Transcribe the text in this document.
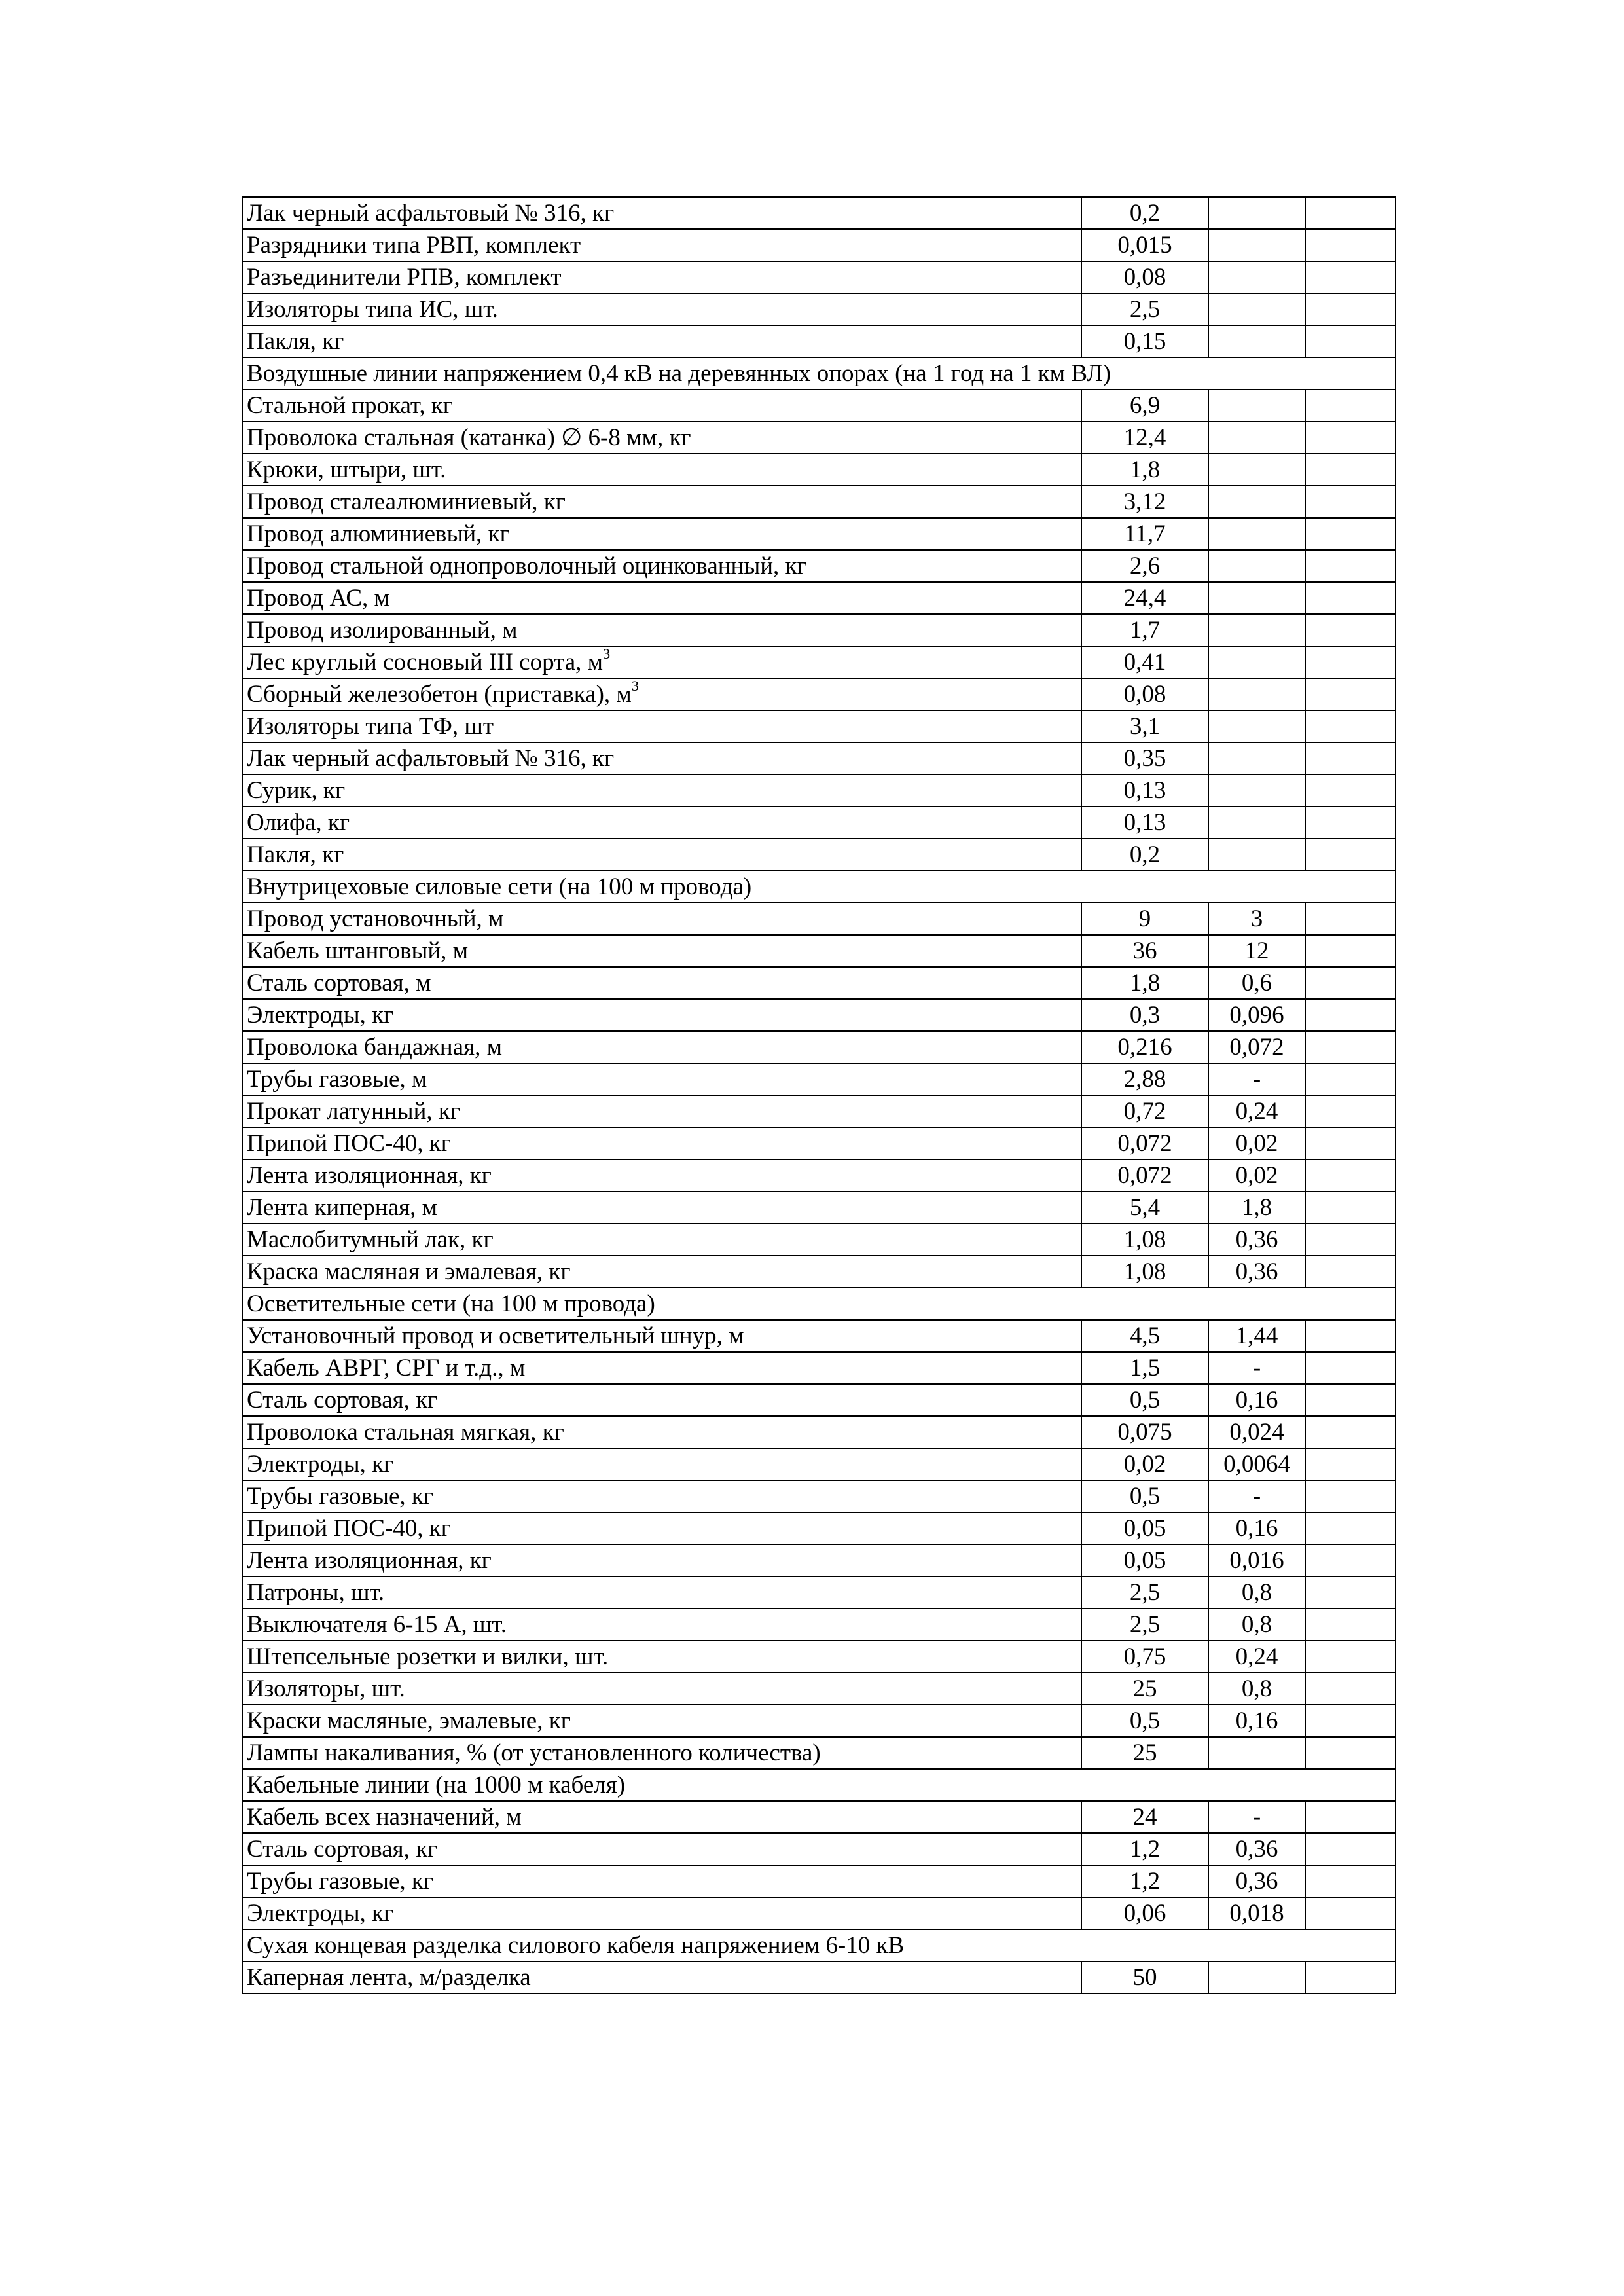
Лак черный асфальтовый № 316, кг	0,2		
Разрядники типа РВП, комплект	0,015		
Разъединители РПВ, комплект	0,08		
Изоляторы типа ИС, шт.	2,5		
Пакля, кг	0,15		
Воздушные линии напряжением 0,4 кВ на деревянных опорах (на 1 год на 1 км ВЛ)			
Стальной прокат, кг	6,9		
Проволока стальная (катанка) ∅ 6-8 мм, кг	12,4		
Крюки, штыри, шт.	1,8		
Провод сталеалюминиевый, кг	3,12		
Провод алюминиевый, кг	11,7		
Провод стальной однопроволочный оцинкованный, кг	2,6		
Провод АС, м	24,4		
Провод изолированный, м	1,7		
Лес круглый сосновый III сорта, $м^3$	0,41		
Сборный железобетон (приставка), $м^3$	0,08		
Изоляторы типа ТФ, шт	3,1		
Лак черный асфальтовый № 316, кг	0,35		
Сурик, кг	0,13		
Олифа, кг	0,13		
Пакля, кг	0,2		
Внутрицеховые силовые сети (на 100 м провода)			
Провод установочный, м	9	3	
Кабель штанговый, м	36	12	
Сталь сортовая, м	1,8	0,6	
Электроды, кг	0,3	0,096	
Проволока бандажная, м	0,216	0,072	
Трубы газовые, м	2,88	-	
Прокат латунный, кг	0,72	0,24	
Припой ПОС-40, кг	0,072	0,02	
Лента изоляционная, кг	0,072	0,02	
Лента киперная, м	5,4	1,8	
Маслобитумный лак, кг	1,08	0,36	
Краска масляная и эмалевая, кг	1,08	0,36	
Осветительные сети (на 100 м провода)			
Установочный провод и осветительный шнур, м	4,5	1,44	
Кабель АВРГ, СРГ и т.д., м	1,5	-	
Сталь сортовая, кг	0,5	0,16	
Проволока стальная мягкая, кг	0,075	0,024	
Электроды, кг	0,02	0,0064	
Трубы газовые, кг	0,5	-	
Припой ПОС-40, кг	0,05	0,16	
Лента изоляционная, кг	0,05	0,016	
Патроны, шт.	2,5	0,8	
Выключателя 6-15 А, шт.	2,5	0,8	
Штепсельные розетки и вилки, шт.	0,75	0,24	
Изоляторы, шт.	25	0,8	
Краски масляные, эмалевые, кг	0,5	0,16	
Лампы накаливания, % (от установленного количества)	25		
Кабельные линии (на 1000 м кабеля)			
Кабель всех назначений, м	24	-	
Сталь сортовая, кг	1,2	0,36	
Трубы газовые, кг	1,2	0,36	
Электроды, кг	0,06	0,018	
Сухая концевая разделка силового кабеля напряжением 6-10 кВ			
Каперная лента, м/разделка	50		
